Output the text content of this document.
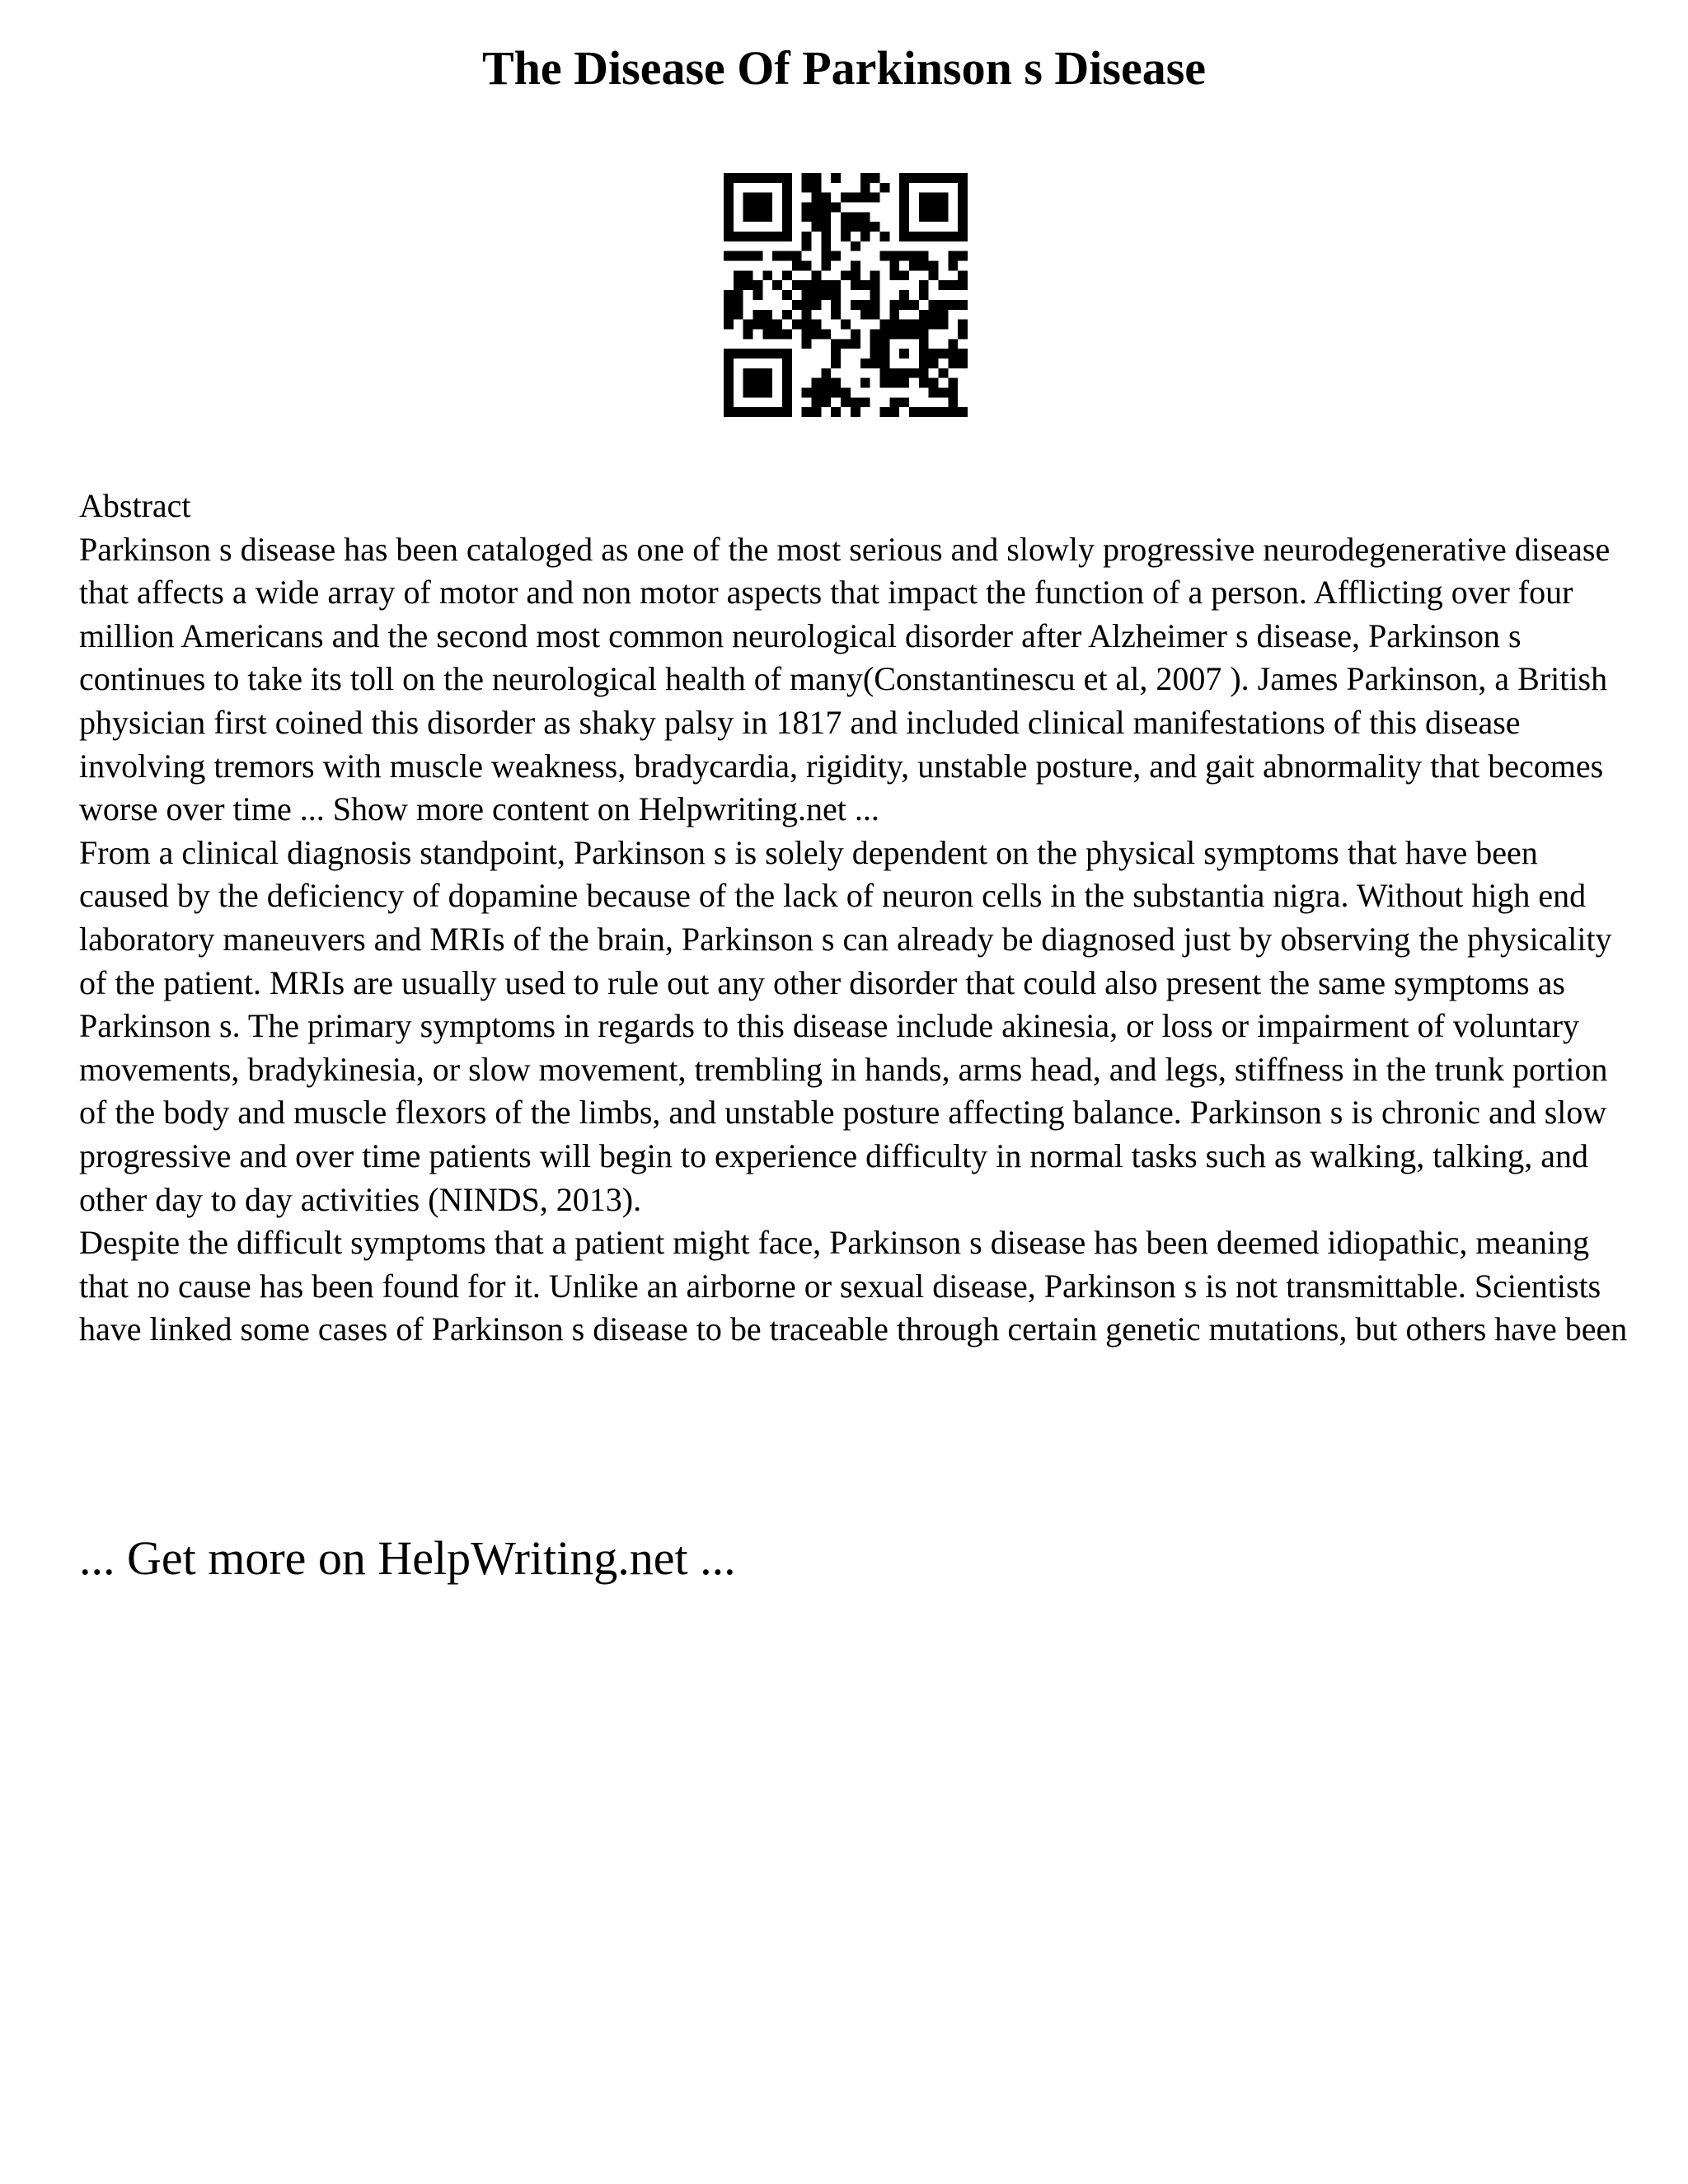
The Disease Of Parkinson s Disease

Abstract

Parkinson s disease has been cataloged as one of the most serious and slowly progressive neurodegenerative disease that affects a wide array of motor and non motor aspects that impact the function of a person. Afflicting over four million Americans and the second most common neurological disorder after Alzheimer s disease, Parkinson s continues to take its toll on the neurological health of many(Constantinescu et al, 2007 ). James Parkinson, a British physician first coined this disorder as shaky palsy in 1817 and included clinical manifestations of this disease involving tremors with muscle weakness, bradycardia, rigidity, unstable posture, and gait abnormality that becomes worse over time ... Show more content on Helpwriting.net ...

From a clinical diagnosis standpoint, Parkinson s is solely dependent on the physical symptoms that have been caused by the deficiency of dopamine because of the lack of neuron cells in the substantia nigra. Without high end laboratory maneuvers and MRIs of the brain, Parkinson s can already be diagnosed just by observing the physicality of the patient. MRIs are usually used to rule out any other disorder that could also present the same symptoms as Parkinson s. The primary symptoms in regards to this disease include akinesia, or loss or impairment of voluntary movements, bradykinesia, or slow movement, trembling in hands, arms head, and legs, stiffness in the trunk portion of the body and muscle flexors of the limbs, and unstable posture affecting balance. Parkinson s is chronic and slow progressive and over time patients will begin to experience difficulty in normal tasks such as walking, talking, and other day to day activities (NINDS, 2013).

Despite the difficult symptoms that a patient might face, Parkinson s disease has been deemed idiopathic, meaning that no cause has been found for it. Unlike an airborne or sexual disease, Parkinson s is not transmittable. Scientists have linked some cases of Parkinson s disease to be traceable through certain genetic mutations, but others have been

... Get more on HelpWriting.net ...
